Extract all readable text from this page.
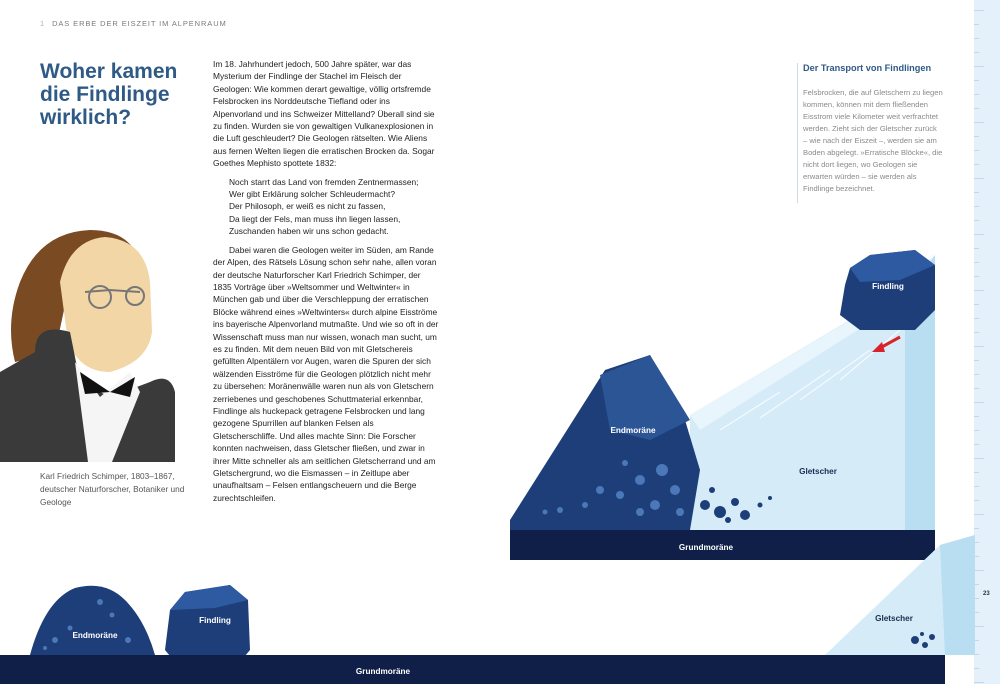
1 DAS ERBE DER EISZEIT IM ALPENRAUM
Woher kamen die Findlinge wirklich?

Im 18. Jahrhundert jedoch, 500 Jahre später, war das Mysterium der Findlinge der Stachel im Fleisch der Geologen: Wie kommen derart gewaltige, völlig ortsfremde Felsbrocken ins Norddeutsche Tiefland oder ins Alpenvorland und ins Schweizer Mittelland? Überall sind sie zu finden. Wurden sie von gewaltigen Vulkanexplosionen in die Luft geschleudert? Die Geologen rätselten. Wie Aliens aus fernen Welten liegen die erratischen Brocken da. Sogar Goethes Mephisto spottete 1832:

Noch starrt das Land von fremden Zentnermassen;
Wer gibt Erklärung solcher Schleudermacht?
Der Philosoph, er weiß es nicht zu fassen,
Da liegt der Fels, man muss ihn liegen lassen,
Zuschanden haben wir uns schon gedacht.

Dabei waren die Geologen weiter im Süden, am Rande der Alpen, des Rätsels Lösung schon sehr nahe, allen voran der deutsche Naturforscher Karl Friedrich Schimper, der 1835 Vorträge über »Weltsommer und Weltwinter« in München gab und über die Verschleppung der erratischen Blöcke während eines »Weltwinters« durch alpine Eisströme ins bayerische Alpenvorland mutmaßte. Und wie so oft in der Wissenschaft muss man nur wissen, wonach man sucht, um es zu finden. Mit dem neuen Bild von mit Gletschereis gefüllten Alpentälern vor Augen, waren die Spuren der sich wälzenden Eisströme für die Geologen plötzlich nicht mehr zu übersehen: Moränenwälle waren nun als von Gletschern zerriebenes und geschobenes Schuttmaterial erkennbar, Findlinge als huckepack getragene Felsbrocken und lang gezogene Spurrillen auf blanken Felsen als Gletscherschliffe. Und alles machte Sinn: Die Forscher konnten nachweisen, dass Gletscher fließen, und zwar in ihrer Mitte schneller als am seitlichen Gletscherrand und am Gletschergrund, wo die Eismassen – in Zeitlupe aber unaufhaltsam – Felsen entlangscheuern und die Berge zurechtschleifen.

Karl Friedrich Schimper, 1803–1867, deutscher Naturforscher, Botaniker und Geologe
Der Transport von Findlingen

Felsbrocken, die auf Gletschern zu liegen kommen, können mit dem fließenden Eisstrom viele Kilometer weit verfrachtet werden. Zieht sich der Gletscher zurück – wie nach der Eiszeit –, werden sie am Boden abgelegt. »Erratische Blöcke«, die nicht dort liegen, wo Geologen sie erwarten würden – sie werden als Findlinge bezeichnet.

Findling
Endmoräne
Gletscher
Grundmoräne
Endmoräne
Findling
Grundmoräne
Gletscher
23
